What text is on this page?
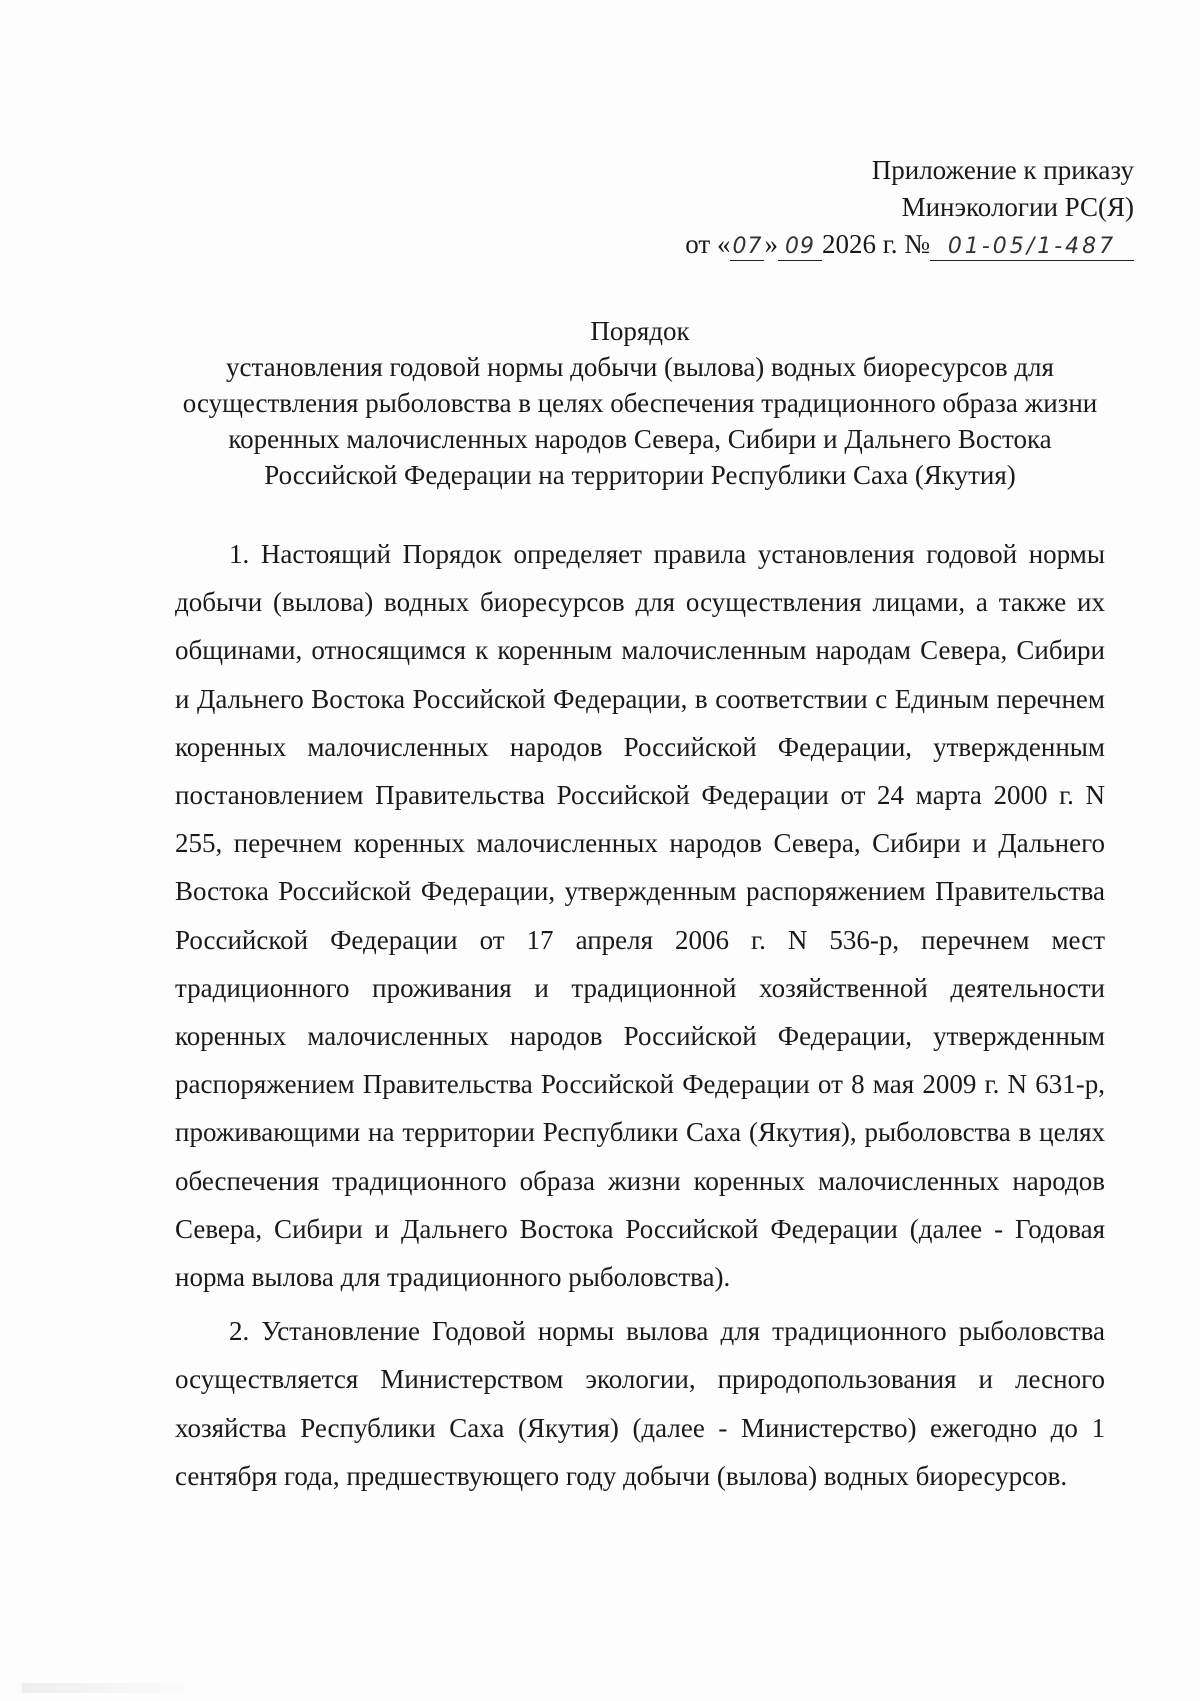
Приложение к приказу
Минэкологии РС(Я)
от «07» 09 2026 г. № 01-05/1-487
Порядок
установления годовой нормы добычи (вылова) водных биоресурсов для осуществления рыболовства в целях обеспечения традиционного образа жизни коренных малочисленных народов Севера, Сибири и Дальнего Востока Российской Федерации на территории Республики Саха (Якутия)

1. Настоящий Порядок определяет правила установления годовой нормы добычи (вылова) водных биоресурсов для осуществления лицами, а также их общинами, относящимся к коренным малочисленным народам Севера, Сибири и Дальнего Востока Российской Федерации, в соответствии с Единым перечнем коренных малочисленных народов Российской Федерации, утвержденным постановлением Правительства Российской Федерации от 24 марта 2000 г. N 255, перечнем коренных малочисленных народов Севера, Сибири и Дальнего Востока Российской Федерации, утвержденным распоряжением Правительства Российской Федерации от 17 апреля 2006 г. N 536-р, перечнем мест традиционного проживания и традиционной хозяйственной деятельности коренных малочисленных народов Российской Федерации, утвержденным распоряжением Правительства Российской Федерации от 8 мая 2009 г. N 631-р, проживающими на территории Республики Саха (Якутия), рыболовства в целях обеспечения традиционного образа жизни коренных малочисленных народов Севера, Сибири и Дальнего Востока Российской Федерации (далее - Годовая норма вылова для традиционного рыболовства).

2. Установление Годовой нормы вылова для традиционного рыболовства осуществляется Министерством экологии, природопользования и лесного хозяйства Республики Саха (Якутия) (далее - Министерство) ежегодно до 1 сентября года, предшествующего году добычи (вылова) водных биоресурсов.
